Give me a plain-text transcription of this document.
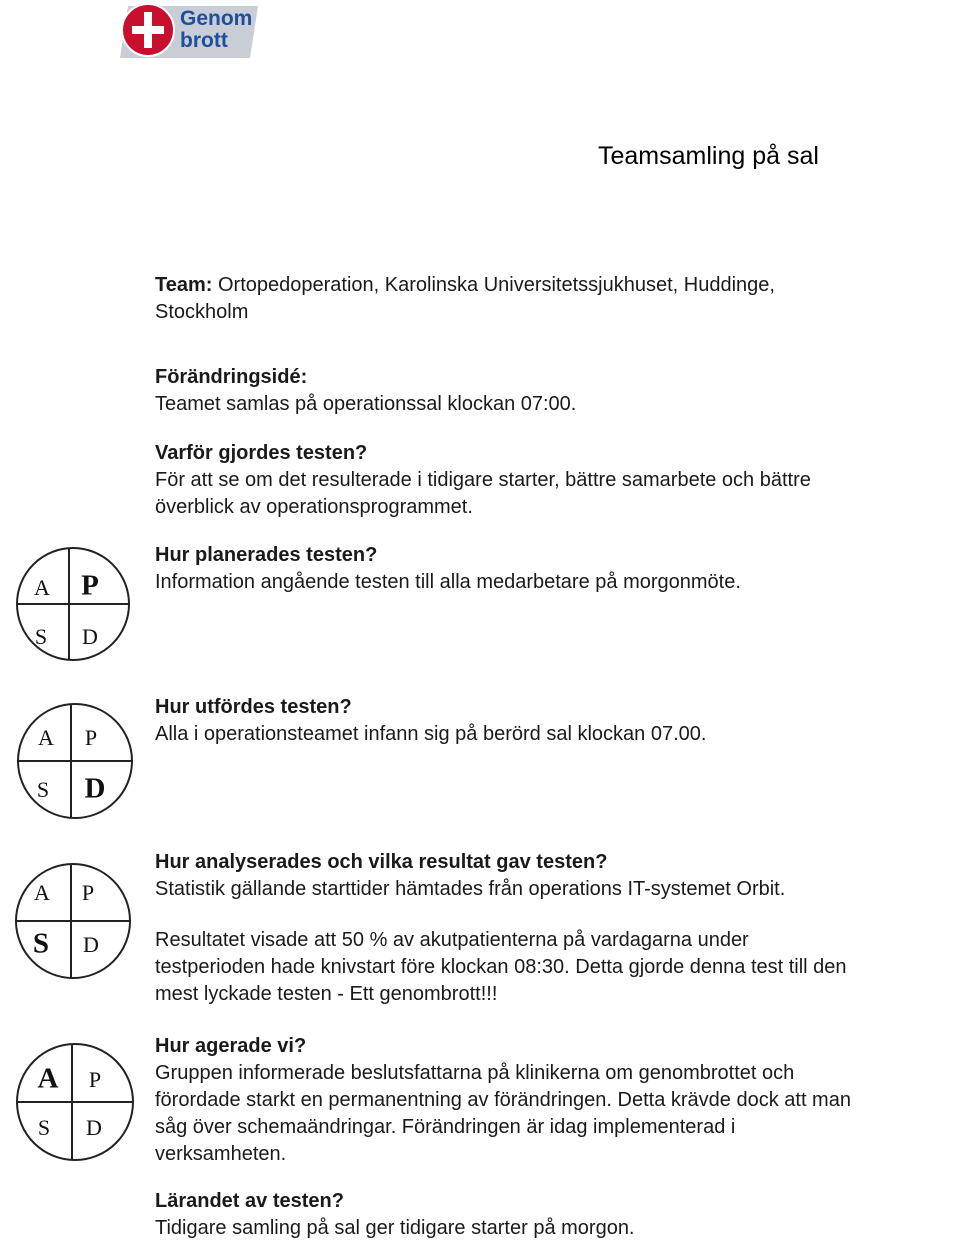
Genom
brott
Teamsamling på sal

Team: Ortopedoperation, Karolinska Universitetssjukhuset, Huddinge,

Stockholm

Förändringsidé:

Teamet samlas på operationssal klockan 07:00.

Varför gjordes testen?

För att se om det resulterade i tidigare starter, bättre samarbete och bättre

överblick av operationsprogrammet.

Hur planerades testen?

Information angående testen till alla medarbetare på morgonmöte.

Hur utfördes testen?

Alla i operationsteamet infann sig på berörd sal klockan 07.00.

Hur analyserades och vilka resultat gav testen?

Statistik gällande starttider hämtades från operations IT-systemet Orbit.

Resultatet visade att 50 % av akutpatienterna på vardagarna under

testperioden hade knivstart före klockan 08:30. Detta gjorde denna test till den

mest lyckade testen - Ett genombrott!!!

Hur agerade vi?

Gruppen informerade beslutsfattarna på klinikerna om genombrottet och

förordade starkt en permanentning av förändringen. Detta krävde dock att man

såg över schemaändringar. Förändringen är idag implementerad i

verksamheten.

Lärandet av testen?

Tidigare samling på sal ger tidigare starter på morgon.

A P
S D
A P
S D
A P
S D
A P
S D
